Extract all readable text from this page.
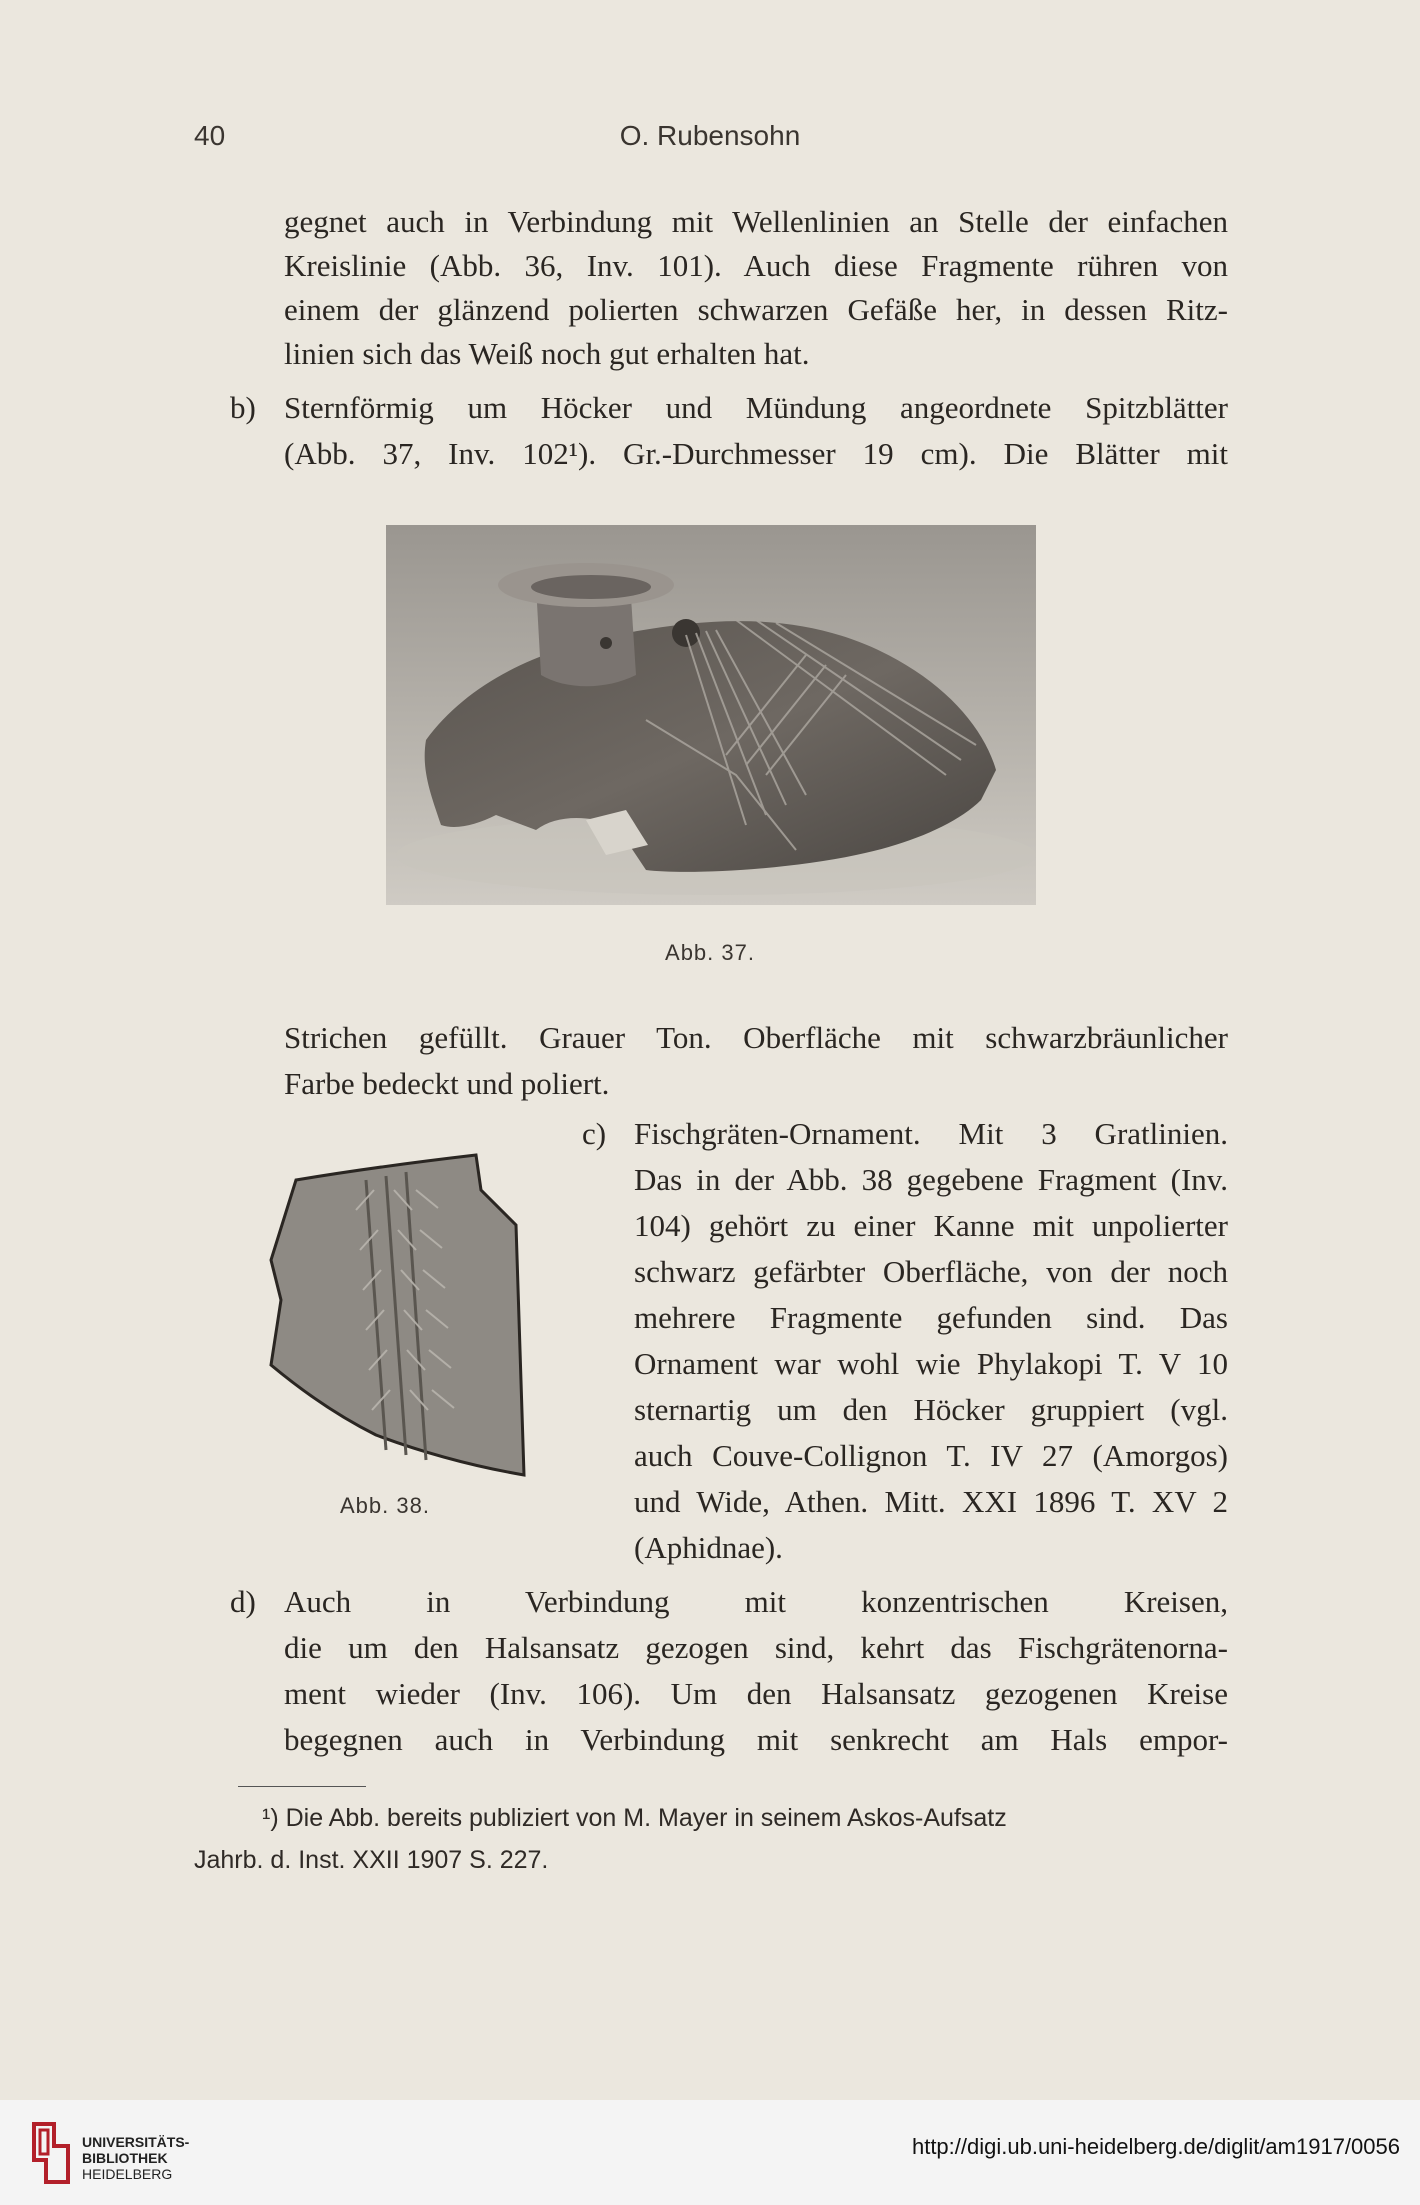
40	O. Rubensohn
gegnet auch in Verbindung mit Wellenlinien an Stelle der einfachen
Kreislinie (Abb. 36, Inv. 101). Auch diese Fragmente rühren von
einem der glänzend polierten schwarzen Gefäße her, in dessen Ritz-
linien sich das Weiß noch gut erhalten hat.
b) Sternförmig um Höcker und Mündung angeordnete Spitzblätter
(Abb. 37, Inv. 102¹). Gr.-Durchmesser 19 cm). Die Blätter mit
Abb. 37.
Strichen gefüllt. Grauer Ton. Oberfläche mit schwarzbräunlicher
Farbe bedeckt und poliert.
Abb. 38.
c) Fischgräten-Ornament. Mit 3 Gratlinien.
Das in der Abb. 38 gegebene Fragment (Inv.
104) gehört zu einer Kanne mit unpolierter
schwarz gefärbter Oberfläche, von der noch
mehrere Fragmente gefunden sind. Das
Ornament war wohl wie Phylakopi T. V 10
sternartig um den Höcker gruppiert (vgl.
auch Couve-Collignon T. IV 27 (Amorgos)
und Wide, Athen. Mitt. XXI 1896 T. XV 2
(Aphidnae).
d) Auch in Verbindung mit konzentrischen Kreisen,
die um den Halsansatz gezogen sind, kehrt das Fischgrätenorna-
ment wieder (Inv. 106). Um den Halsansatz gezogenen Kreise
begegnen auch in Verbindung mit senkrecht am Hals empor-
¹) Die Abb. bereits publiziert von M. Mayer in seinem Askos-Aufsatz
Jahrb. d. Inst. XXII 1907 S. 227.
UNIVERSITÄTS-
BIBLIOTHEK
HEIDELBERG
http://digi.ub.uni-heidelberg.de/diglit/am1917/0056
